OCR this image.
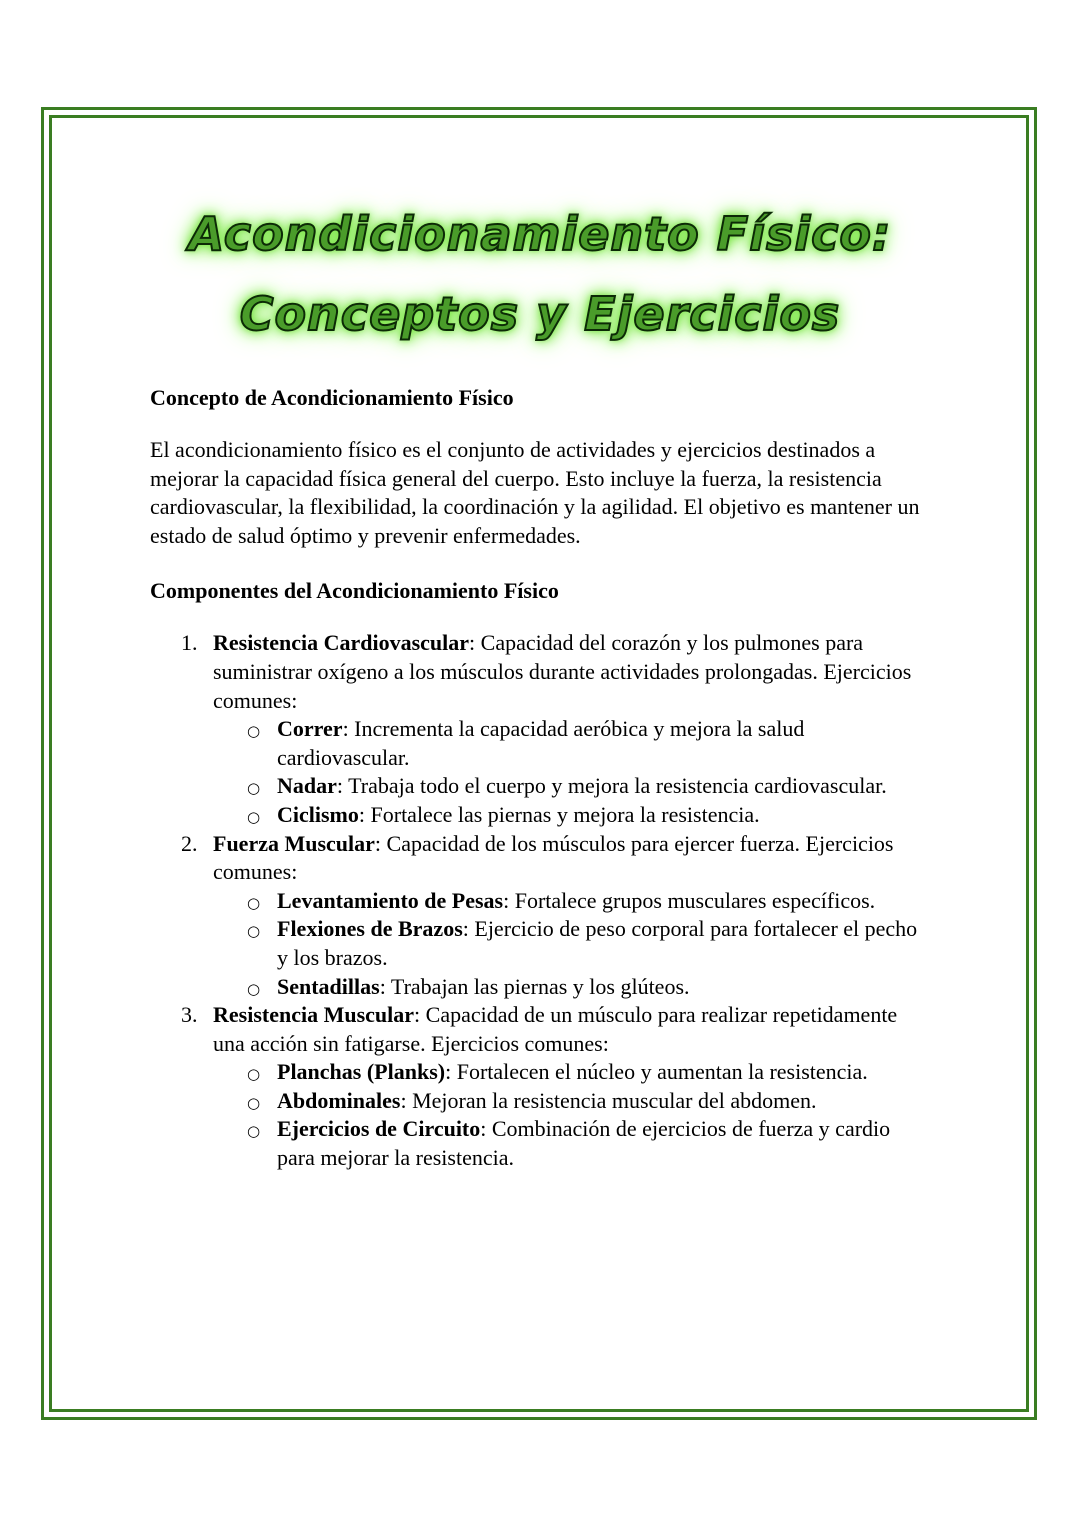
Acondicionamiento Físico:
Conceptos y Ejercicios

Concepto de Acondicionamiento Físico

El acondicionamiento físico es el conjunto de actividades y ejercicios destinados a mejorar la capacidad física general del cuerpo. Esto incluye la fuerza, la resistencia cardiovascular, la flexibilidad, la coordinación y la agilidad. El objetivo es mantener un estado de salud óptimo y prevenir enfermedades.

Componentes del Acondicionamiento Físico

1. Resistencia Cardiovascular: Capacidad del corazón y los pulmones para suministrar oxígeno a los músculos durante actividades prolongadas. Ejercicios comunes:
○ Correr: Incrementa la capacidad aeróbica y mejora la salud cardiovascular.
○ Nadar: Trabaja todo el cuerpo y mejora la resistencia cardiovascular.
○ Ciclismo: Fortalece las piernas y mejora la resistencia.
2. Fuerza Muscular: Capacidad de los músculos para ejercer fuerza. Ejercicios comunes:
○ Levantamiento de Pesas: Fortalece grupos musculares específicos.
○ Flexiones de Brazos: Ejercicio de peso corporal para fortalecer el pecho y los brazos.
○ Sentadillas: Trabajan las piernas y los glúteos.
3. Resistencia Muscular: Capacidad de un músculo para realizar repetidamente una acción sin fatigarse. Ejercicios comunes:
○ Planchas (Planks): Fortalecen el núcleo y aumentan la resistencia.
○ Abdominales: Mejoran la resistencia muscular del abdomen.
○ Ejercicios de Circuito: Combinación de ejercicios de fuerza y cardio para mejorar la resistencia.
